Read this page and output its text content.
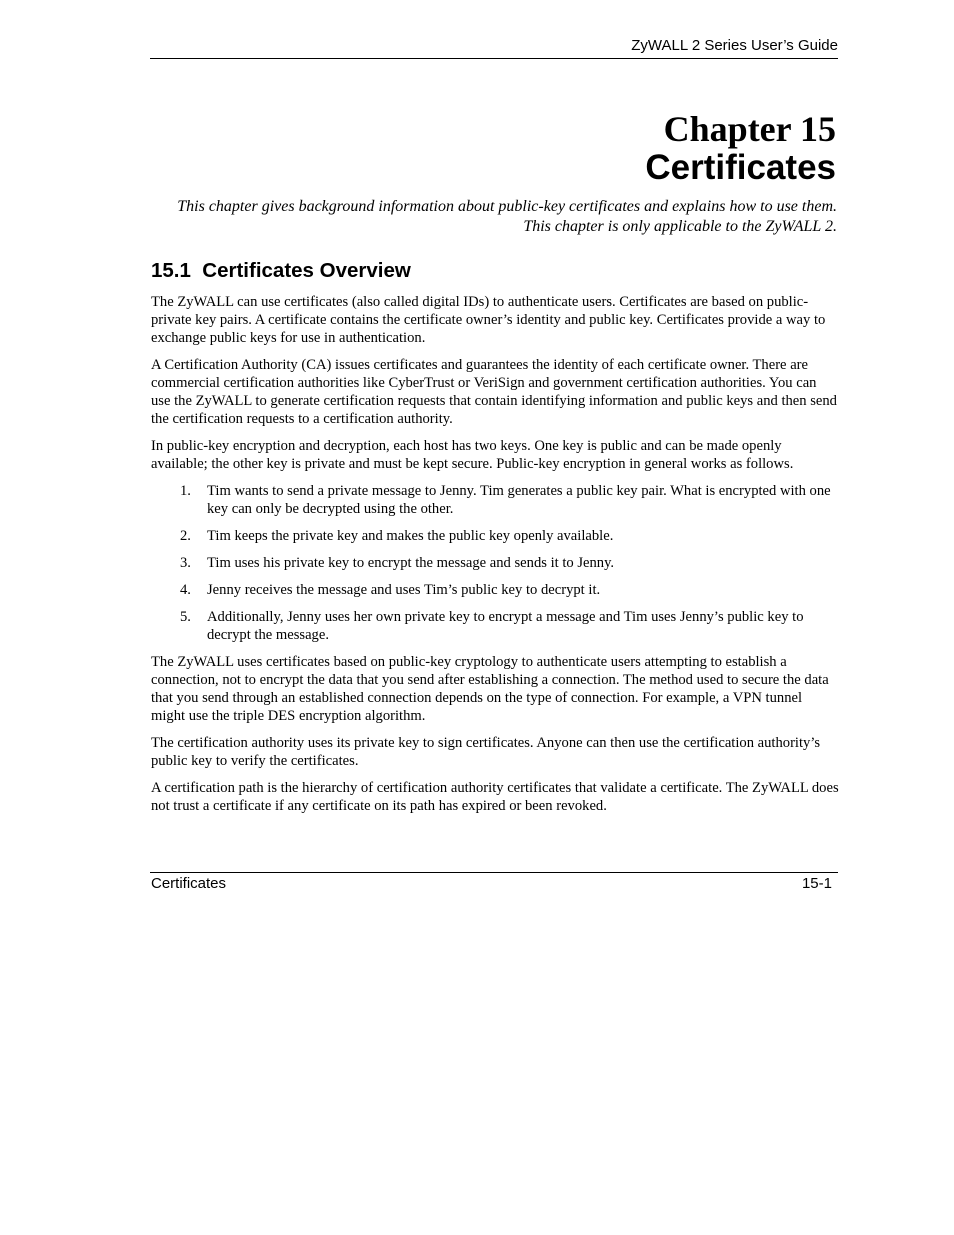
ZyWALL 2 Series User’s Guide
Chapter 15
Certificates
This chapter gives background information about public-key certificates and explains how to use them. This chapter is only applicable to the ZyWALL 2.
15.1  Certificates Overview

The ZyWALL can use certificates (also called digital IDs) to authenticate users. Certificates are based on public-private key pairs. A certificate contains the certificate owner’s identity and public key. Certificates provide a way to exchange public keys for use in authentication.

A Certification Authority (CA) issues certificates and guarantees the identity of each certificate owner. There are commercial certification authorities like CyberTrust or VeriSign and government certification authorities. You can use the ZyWALL to generate certification requests that contain identifying information and public keys and then send the certification requests to a certification authority.

In public-key encryption and decryption, each host has two keys. One key is public and can be made openly available; the other key is private and must be kept secure. Public-key encryption in general works as follows.

1. Tim wants to send a private message to Jenny. Tim generates a public key pair. What is encrypted with one key can only be decrypted using the other.
2. Tim keeps the private key and makes the public key openly available.
3. Tim uses his private key to encrypt the message and sends it to Jenny.
4. Jenny receives the message and uses Tim’s public key to decrypt it.
5. Additionally, Jenny uses her own private key to encrypt a message and Tim uses Jenny’s public key to decrypt the message.

The ZyWALL uses certificates based on public-key cryptology to authenticate users attempting to establish a connection, not to encrypt the data that you send after establishing a connection. The method used to secure the data that you send through an established connection depends on the type of connection. For example, a VPN tunnel might use the triple DES encryption algorithm.

The certification authority uses its private key to sign certificates. Anyone can then use the certification authority’s public key to verify the certificates.

A certification path is the hierarchy of certification authority certificates that validate a certificate. The ZyWALL does not trust a certificate if any certificate on its path has expired or been revoked.

Certificates	15-1
